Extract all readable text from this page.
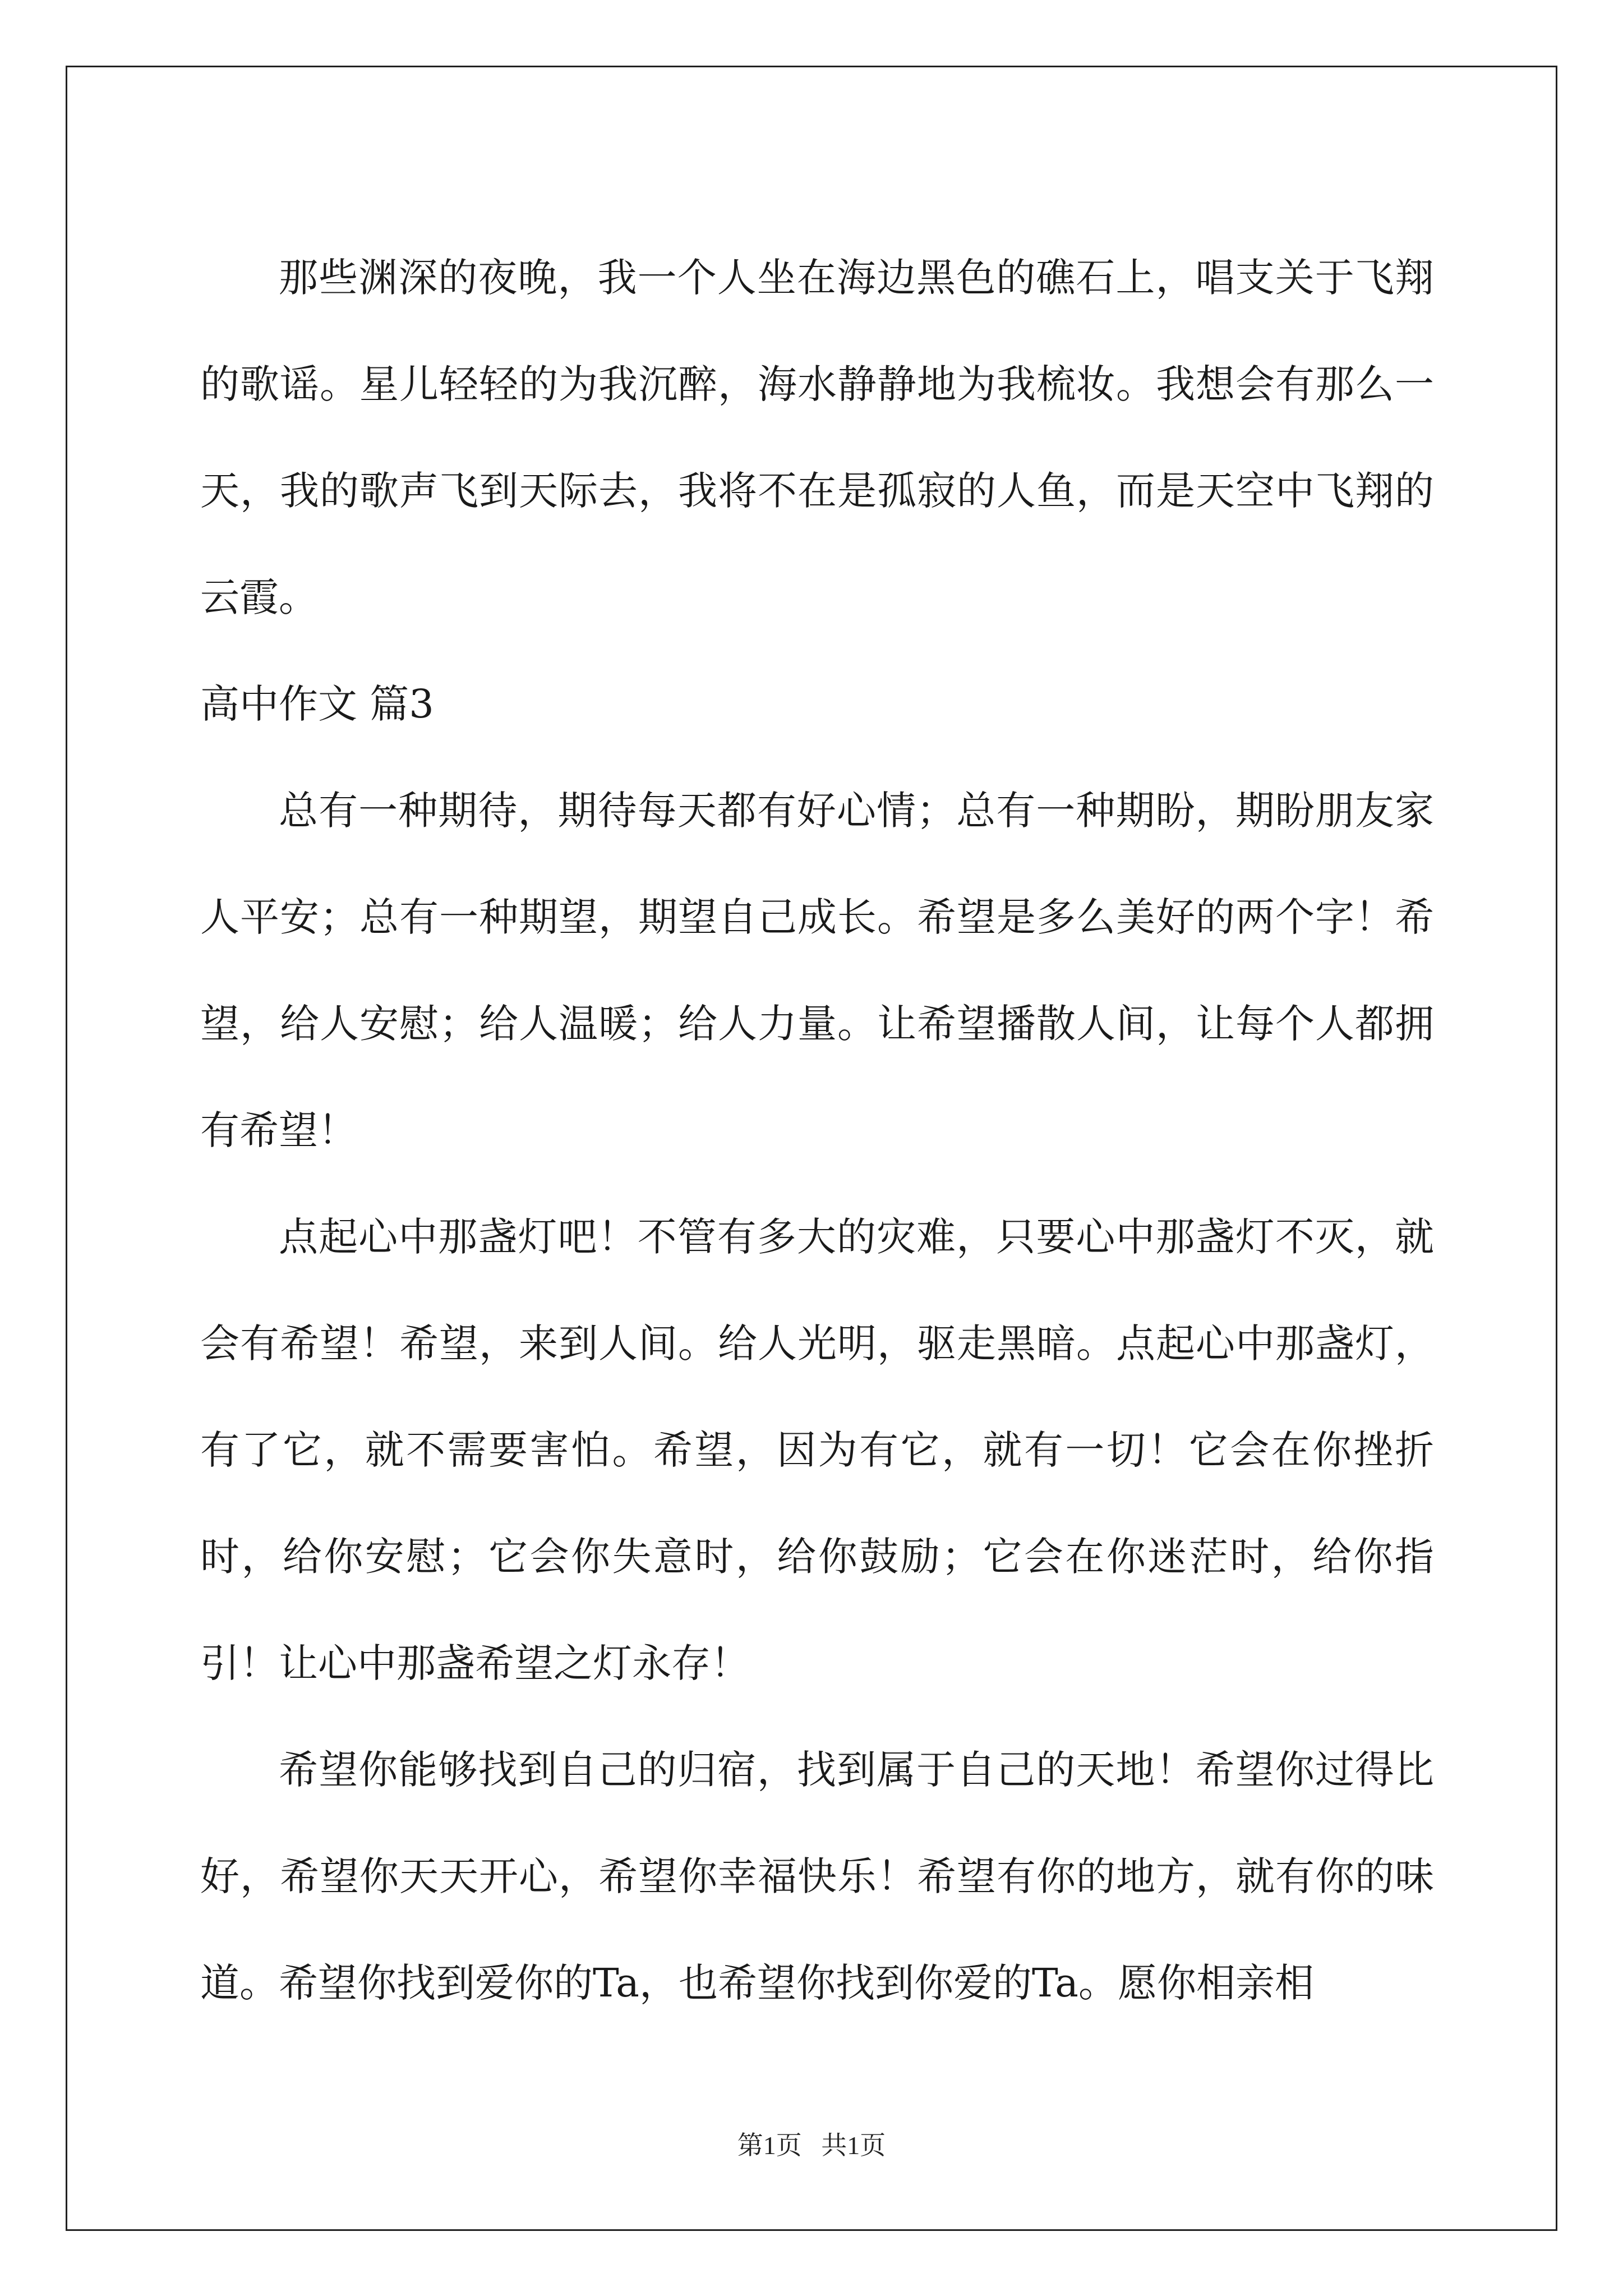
那些渊深的夜晚，我一个人坐在海边黑色的礁石上，唱支关于飞翔的歌谣。星儿轻轻的为我沉醉，海水静静地为我梳妆。我想会有那么一天，我的歌声飞到天际去，我将不在是孤寂的人鱼，而是天空中飞翔的云霞。

高中作文 篇3

总有一种期待，期待每天都有好心情；总有一种期盼，期盼朋友家人平安；总有一种期望，期望自己成长。希望是多么美好的两个字！希望，给人安慰；给人温暖；给人力量。让希望播散人间，让每个人都拥有希望！

点起心中那盏灯吧！不管有多大的灾难，只要心中那盏灯不灭，就会有希望！希望，来到人间。给人光明，驱走黑暗。点起心中那盏灯，有了它，就不需要害怕。希望，因为有它，就有一切！它会在你挫折时，给你安慰；它会你失意时，给你鼓励；它会在你迷茫时，给你指引！让心中那盏希望之灯永存！

希望你能够找到自己的归宿，找到属于自己的天地！希望你过得比好，希望你天天开心，希望你幸福快乐！希望有你的地方，就有你的味道。希望你找到爱你的Ta，也希望你找到你爱的Ta。愿你相亲相

第1页 共1页
